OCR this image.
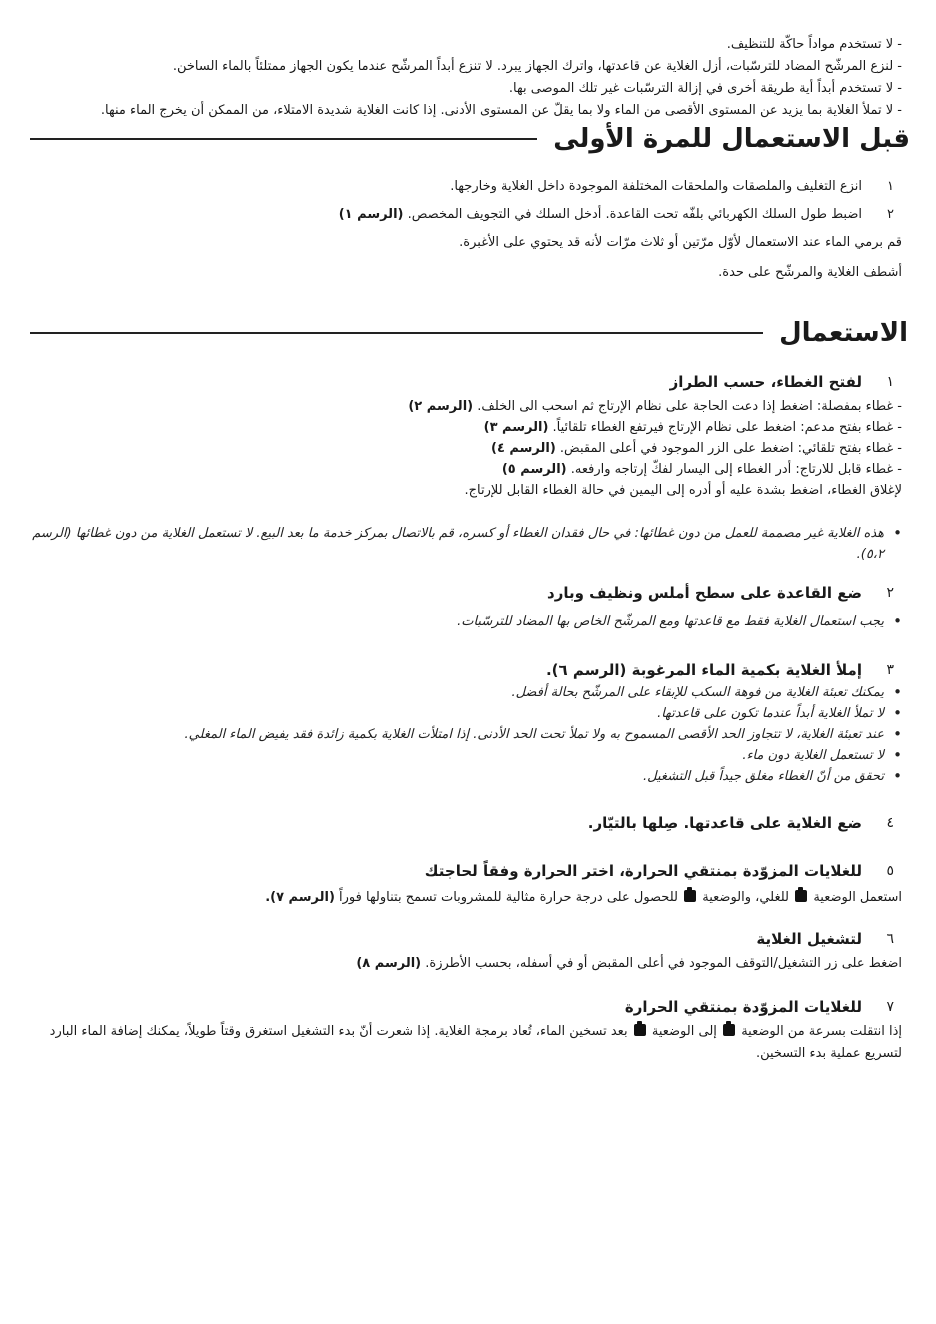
- لا تستخدم مواداً حاكّة للتنظيف.
- لنزع المرشّح المضاد للترسّبات، أزل الغلاية عن قاعدتها، واترك الجهاز يبرد. لا تنزع أبداً المرشّح عندما يكون الجهاز ممتلئاً بالماء الساخن.
- لا تستخدم أبداً أية طريقة أخرى في إزالة الترسّبات غير تلك الموصى بها.
- لا تملأ الغلاية بما يزيد عن المستوى الأقصى من الماء ولا بما يقلّ عن المستوى الأدنى. إذا كانت الغلاية شديدة الامتلاء، من الممكن أن يخرج الماء منها.
قبل الاستعمال للمرة الأولى
١
انزع التغليف والملصقات والملحقات المختلفة الموجودة داخل الغلاية وخارجها.
٢
اضبط طول السلك الكهربائي بلفّه تحت القاعدة. أدخل السلك في التجويف المخصص. (الرسم ١)

قم برمي الماء عند الاستعمال لأوّل مرّتين أو ثلاث مرّات لأنه قد يحتوي على الأغبرة.

أشطف الغلاية والمرشّح على حدة.

الاستعمال
١
لفتح الغطاء، حسب الطراز
- غطاء بمفصلة: اضغط إذا دعت الحاجة على نظام الإرتاج ثم اسحب الى الخلف. (الرسم ٢)
- غطاء بفتح مدعم: اضغط على نظام الإرتاج فيرتفع الغطاء تلقائياً. (الرسم ٣)
- غطاء بفتح تلقائي: اضغط على الزر الموجود في أعلى المقبض. (الرسم ٤)
- غطاء قابل للارتاج: أدر الغطاء إلى اليسار لفكّ إرتاجه وارفعه. (الرسم ٥)

لإغلاق الغطاء، اضغط بشدة عليه أو أدره إلى اليمين في حالة الغطاء القابل للإرتاج.

• هذه الغلاية غير مصممة للعمل من دون غطائها: في حال فقدان الغطاء أو كسره، قم بالاتصال بمركز خدمة ما بعد البيع. لا تستعمل الغلاية من دون غطائها (الرسم ٥،٢).
٢
ضع القاعدة على سطح أملس ونظيف وبارد
• يجب استعمال الغلاية فقط مع قاعدتها ومع المرشّح الخاص بها المضاد للترسّبات.
٣
إملأ الغلاية بكمية الماء المرغوبة (الرسم ٦).
• يمكنك تعبئة الغلاية من فوهة السكب للإبقاء على المرشّح بحالة أفضل.
• لا تملأ الغلاية أبداً عندما تكون على قاعدتها.
• عند تعبئة الغلاية، لا تتجاوز الحد الأقصى المسموح به ولا تملأ تحت الحد الأدنى. إذا امتلأت الغلاية بكمية زائدة فقد يفيض الماء المغلي.
• لا تستعمل الغلاية دون ماء.
• تحقق من أنّ الغطاء مغلق جيداً قبل التشغيل.
٤
ضع الغلاية على قاعدتها. صِلها بالتيّار.
٥
للغلايات المزوّدة بمنتقي الحرارة، اختر الحرارة وفقاً لحاجتك

استعمل الوضعية  للغلي، والوضعية  للحصول على درجة حرارة مثالية للمشروبات تسمح بتناولها فوراً (الرسم ٧).

٦
لتشغيل الغلاية

اضغط على زر التشغيل/التوقف الموجود في أعلى المقبض أو في أسفله، بحسب الأطرزة. (الرسم ٨)

٧
للغلايات المزوّدة بمنتقي الحرارة

إذا انتقلت بسرعة من الوضعية  إلى الوضعية  بعد تسخين الماء، تُعاد برمجة الغلاية. إذا شعرت أنّ بدء التشغيل استغرق وقتاً طويلاً، يمكنك إضافة الماء البارد لتسريع عملية بدء التسخين.
